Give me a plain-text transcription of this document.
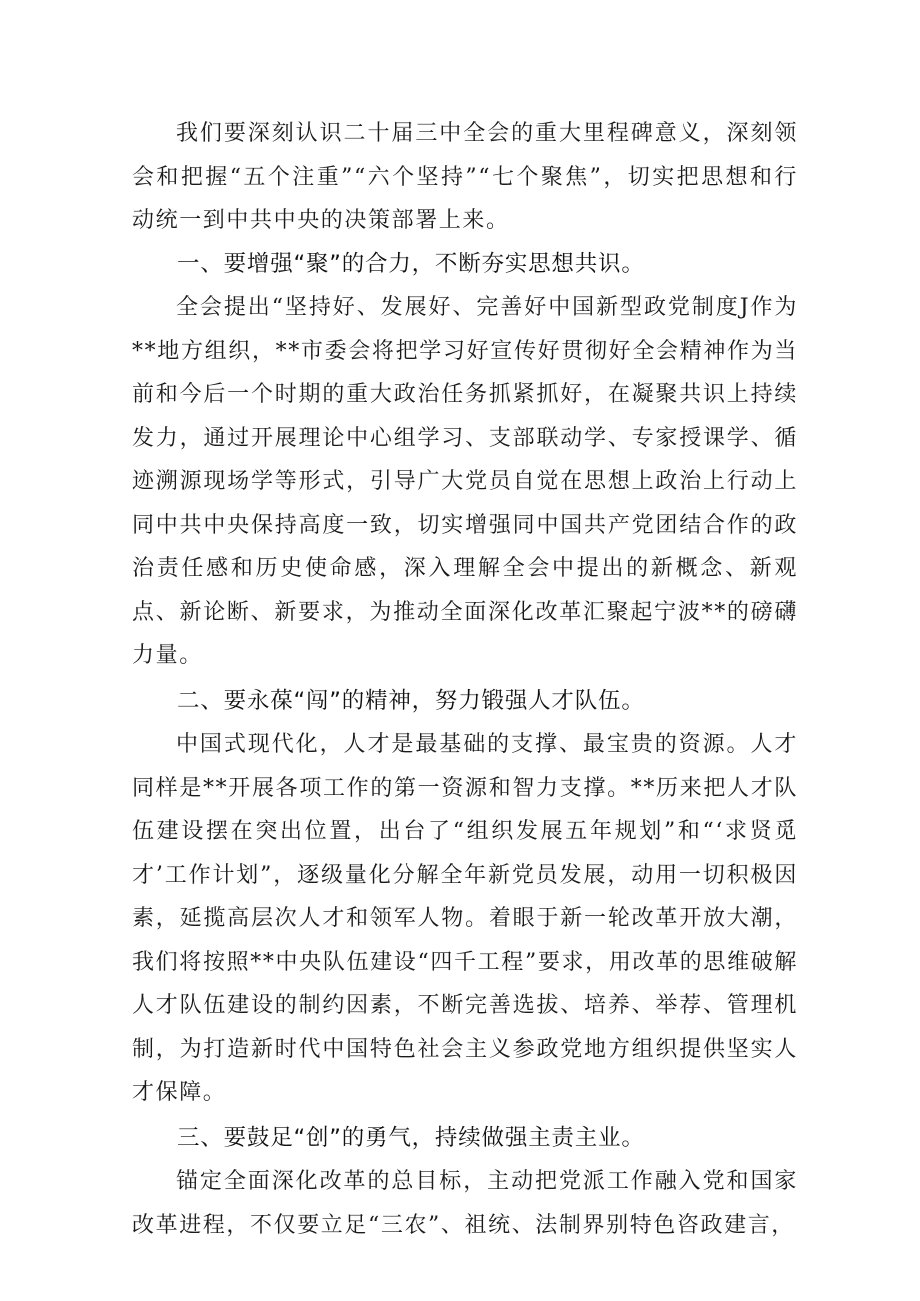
我们要深刻认识二十届三中全会的重大里程碑意义，深刻领会和把握“五个注重”“六个坚持”“七个聚焦”，切实把思想和行动统一到中共中央的决策部署上来。

一、要增强“聚”的合力，不断夯实思想共识。

全会提出“坚持好、发展好、完善好中国新型政党制度J作为**地方组织，**市委会将把学习好宣传好贯彻好全会精神作为当前和今后一个时期的重大政治任务抓紧抓好，在凝聚共识上持续发力，通过开展理论中心组学习、支部联动学、专家授课学、循迹溯源现场学等形式，引导广大党员自觉在思想上政治上行动上同中共中央保持高度一致，切实增强同中国共产党团结合作的政治责任感和历史使命感，深入理解全会中提出的新概念、新观点、新论断、新要求，为推动全面深化改革汇聚起宁波**的磅礴力量。

二、要永葆“闯”的精神，努力锻强人才队伍。

中国式现代化，人才是最基础的支撑、最宝贵的资源。人才同样是**开展各项工作的第一资源和智力支撑。**历来把人才队伍建设摆在突出位置，出台了“组织发展五年规划”和“‘求贤觅才’工作计划”，逐级量化分解全年新党员发展，动用一切积极因素，延揽高层次人才和领军人物。着眼于新一轮改革开放大潮，我们将按照**中央队伍建设“四千工程”要求，用改革的思维破解人才队伍建设的制约因素，不断完善选拔、培养、举荐、管理机制，为打造新时代中国特色社会主义参政党地方组织提供坚实人才保障。

三、要鼓足“创”的勇气，持续做强主责主业。

锚定全面深化改革的总目标，主动把党派工作融入党和国家改革进程，不仅要立足“三农”、祖统、法制界别特色咨政建言，
